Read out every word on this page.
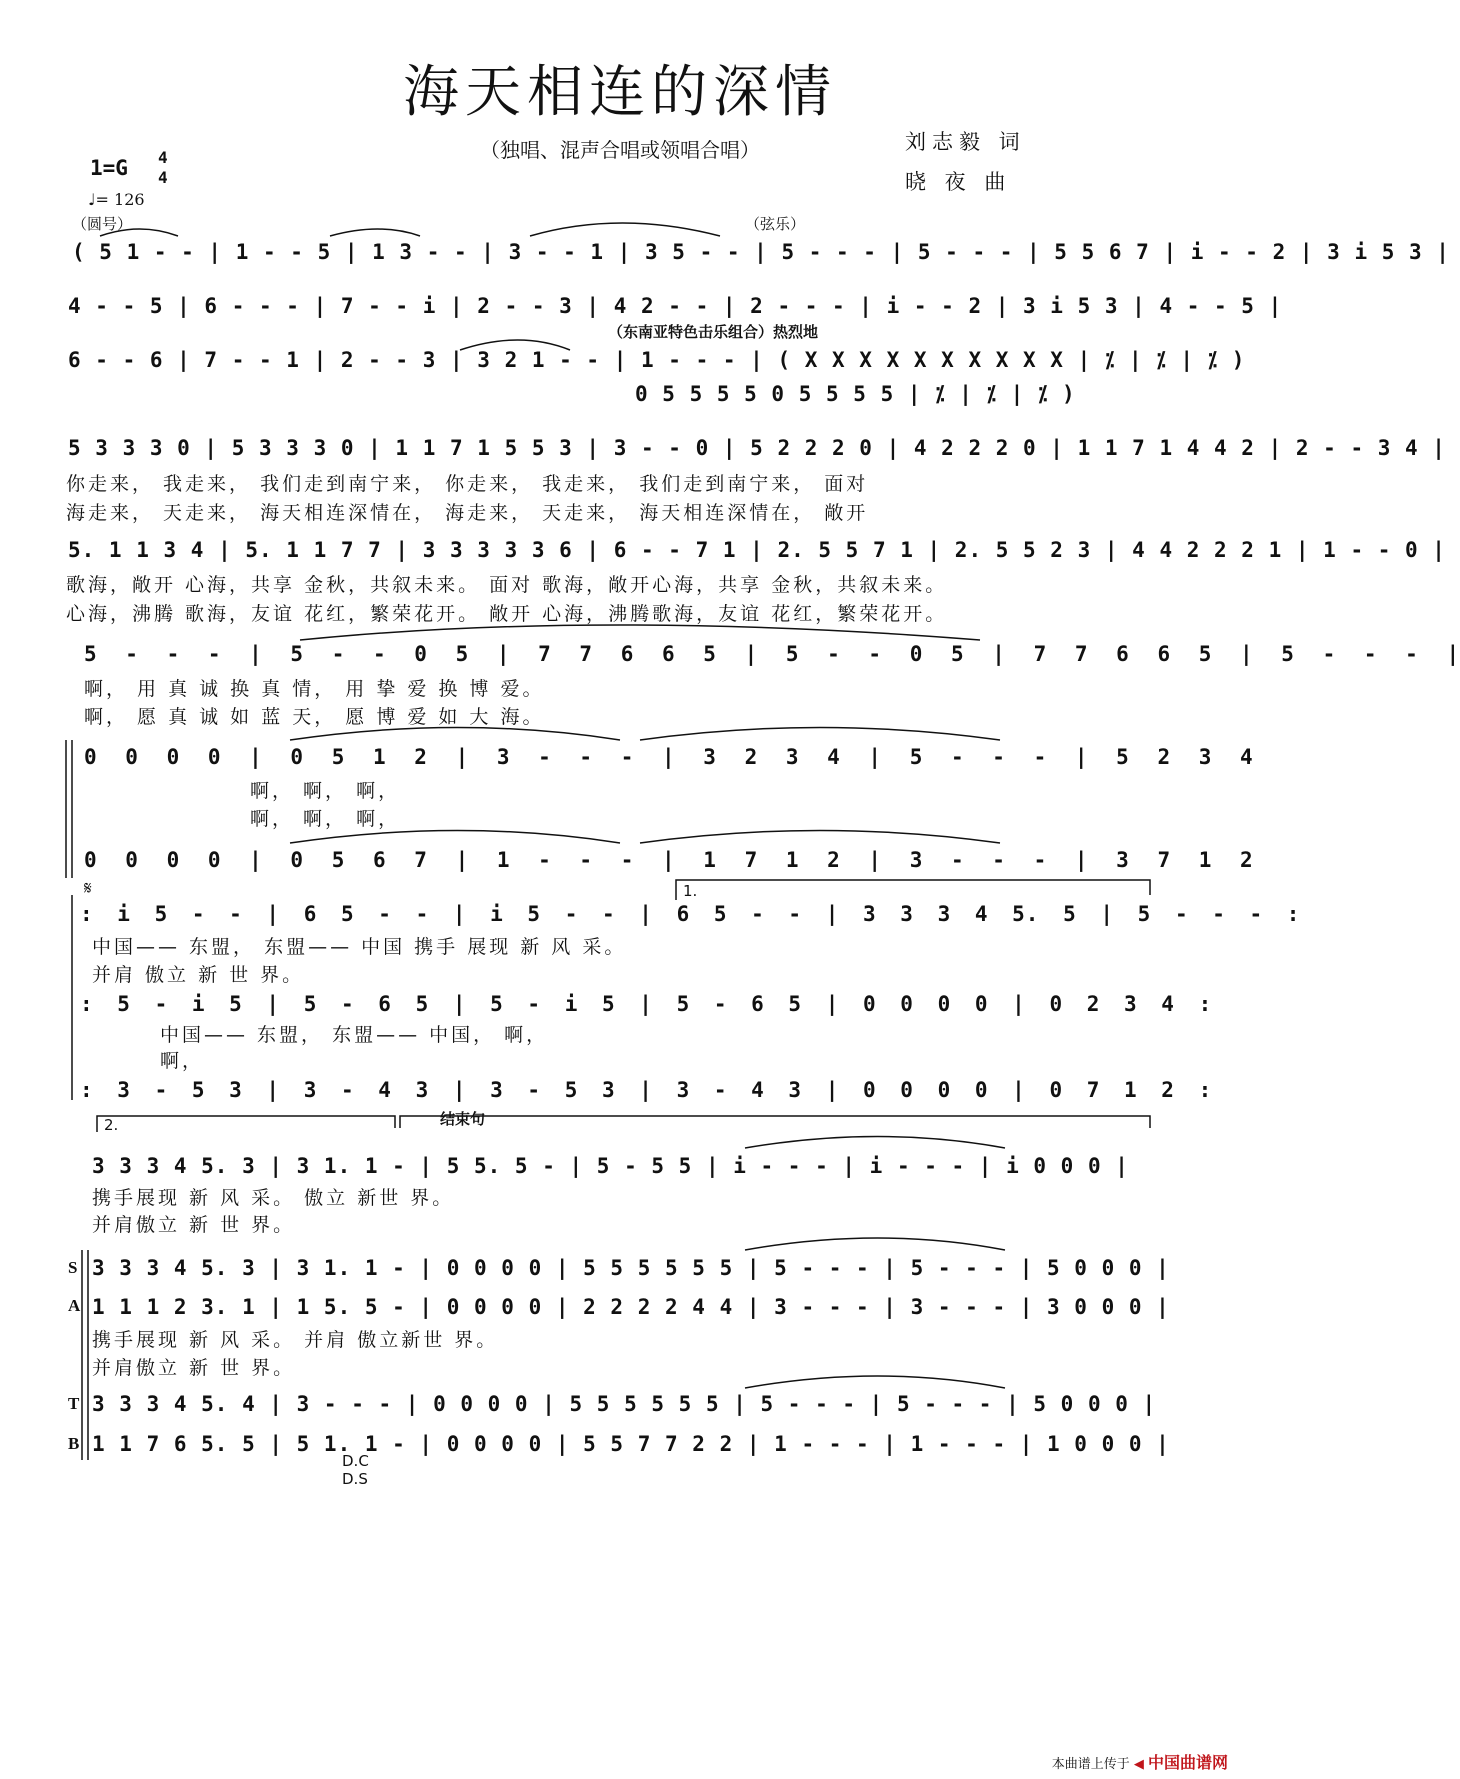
海天相连的深情
（独唱、混声合唱或领唱合唱）	刘志毅 词
晓 夜 曲
1=G 4
4
♩= 126
（圆号）	（弦乐）
( 5 1 - - | 1 - - 5 | 1 3 - - | 3 - - 1 | 3 5 - - | 5 - - - | 5 - - - | 5 5 6 7 | i - - 2 | 3 i 5 3 |
4 - - 5 | 6 - - - | 7 - - i | 2 - - 3 | 4 2 - - | 2 - - - | i - - 2 | 3 i 5 3 | 4 - - 5 |
（东南亚特色击乐组合）热烈地
6 - - 6 | 7 - - 1 | 2 - - 3 | 3 2 1 - - | 1 - - - | ( X X X X X X X X X X | ⁒ | ⁒ | ⁒ )
0 5 5 5 5 0 5 5 5 5 | ⁒ | ⁒ | ⁒ )
5 3 3 3 0 | 5 3 3 3 0 | 1 1 7 1 5 5 3 | 3 - - 0 | 5 2 2 2 0 | 4 2 2 2 0 | 1 1 7 1 4 4 2 | 2 - - 3 4 |
你走来， 我走来， 我们走到南宁来， 你走来， 我走来， 我们走到南宁来， 面对
海走来， 天走来， 海天相连深情在， 海走来， 天走来， 海天相连深情在， 敞开
5. 1 1 3 4 | 5. 1 1 7 7 | 3 3 3 3 3 6 | 6 - - 7 1 | 2. 5 5 7 1 | 2. 5 5 2 3 | 4 4 2 2 2 1 | 1 - - 0 |
歌海，敞开 心海，共享 金秋，共叙未来。 面对 歌海，敞开心海，共享 金秋，共叙未来。
心海，沸腾 歌海，友谊 花红，繁荣花开。 敞开 心海，沸腾歌海，友谊 花红，繁荣花开。
5 - - - | 5 - - 0 5 | 7 7 6 6 5 | 5 - - 0 5 | 7 7 6 6 5 | 5 - - - |
啊， 用 真 诚 换 真 情， 用 挚 爱 换 博 爱。
啊， 愿 真 诚 如 蓝 天， 愿 博 爱 如 大 海。
0 0 0 0 | 0 5 1 2 | 3 - - - | 3 2 3 4 | 5 - - - | 5 2 3 4
啊， 啊， 啊，
啊， 啊， 啊，
0 0 0 0 | 0 5 6 7 | 1 - - - | 1 7 1 2 | 3 - - - | 3 7 1 2
𝄋	1.
: i 5 - - | 6 5 - - | i 5 - - | 6 5 - - | 3 3 3 4 5. 5 | 5 - - - :
中国—— 东盟， 东盟—— 中国 携手 展现 新 风 采。
并肩 傲立 新 世 界。
: 5 - i 5 | 5 - 6 5 | 5 - i 5 | 5 - 6 5 | 0 0 0 0 | 0 2 3 4 :
中国—— 东盟， 东盟—— 中国， 啊，
啊，
: 3 - 5 3 | 3 - 4 3 | 3 - 5 3 | 3 - 4 3 | 0 0 0 0 | 0 7 1 2 :
2.	结束句
3 3 3 4 5. 3 | 3 1. 1 - | 5 5. 5 - | 5 - 5 5 | i - - - | i - - - | i 0 0 0 |
携手展现 新 风 采。 傲立 新世 界。
并肩傲立 新 世 界。
S 3 3 3 4 5. 3 | 3 1. 1 - | 0 0 0 0 | 5 5 5 5 5 5 | 5 - - - | 5 - - - | 5 0 0 0 |
A 1 1 1 2 3. 1 | 1 5. 5 - | 0 0 0 0 | 2 2 2 2 4 4 | 3 - - - | 3 - - - | 3 0 0 0 |
携手展现 新 风 采。 并肩 傲立新世 界。
并肩傲立 新 世 界。
T 3 3 3 4 5. 4 | 3 - - - | 0 0 0 0 | 5 5 5 5 5 5 | 5 - - - | 5 - - - | 5 0 0 0 |
B 1 1 7 6 5. 5 | 5 1. 1 - | 0 0 0 0 | 5 5 7 7 2 2 | 1 - - - | 1 - - - | 1 0 0 0 |
D.C
D.S
本曲谱上传于 ◀ 中国曲谱网
